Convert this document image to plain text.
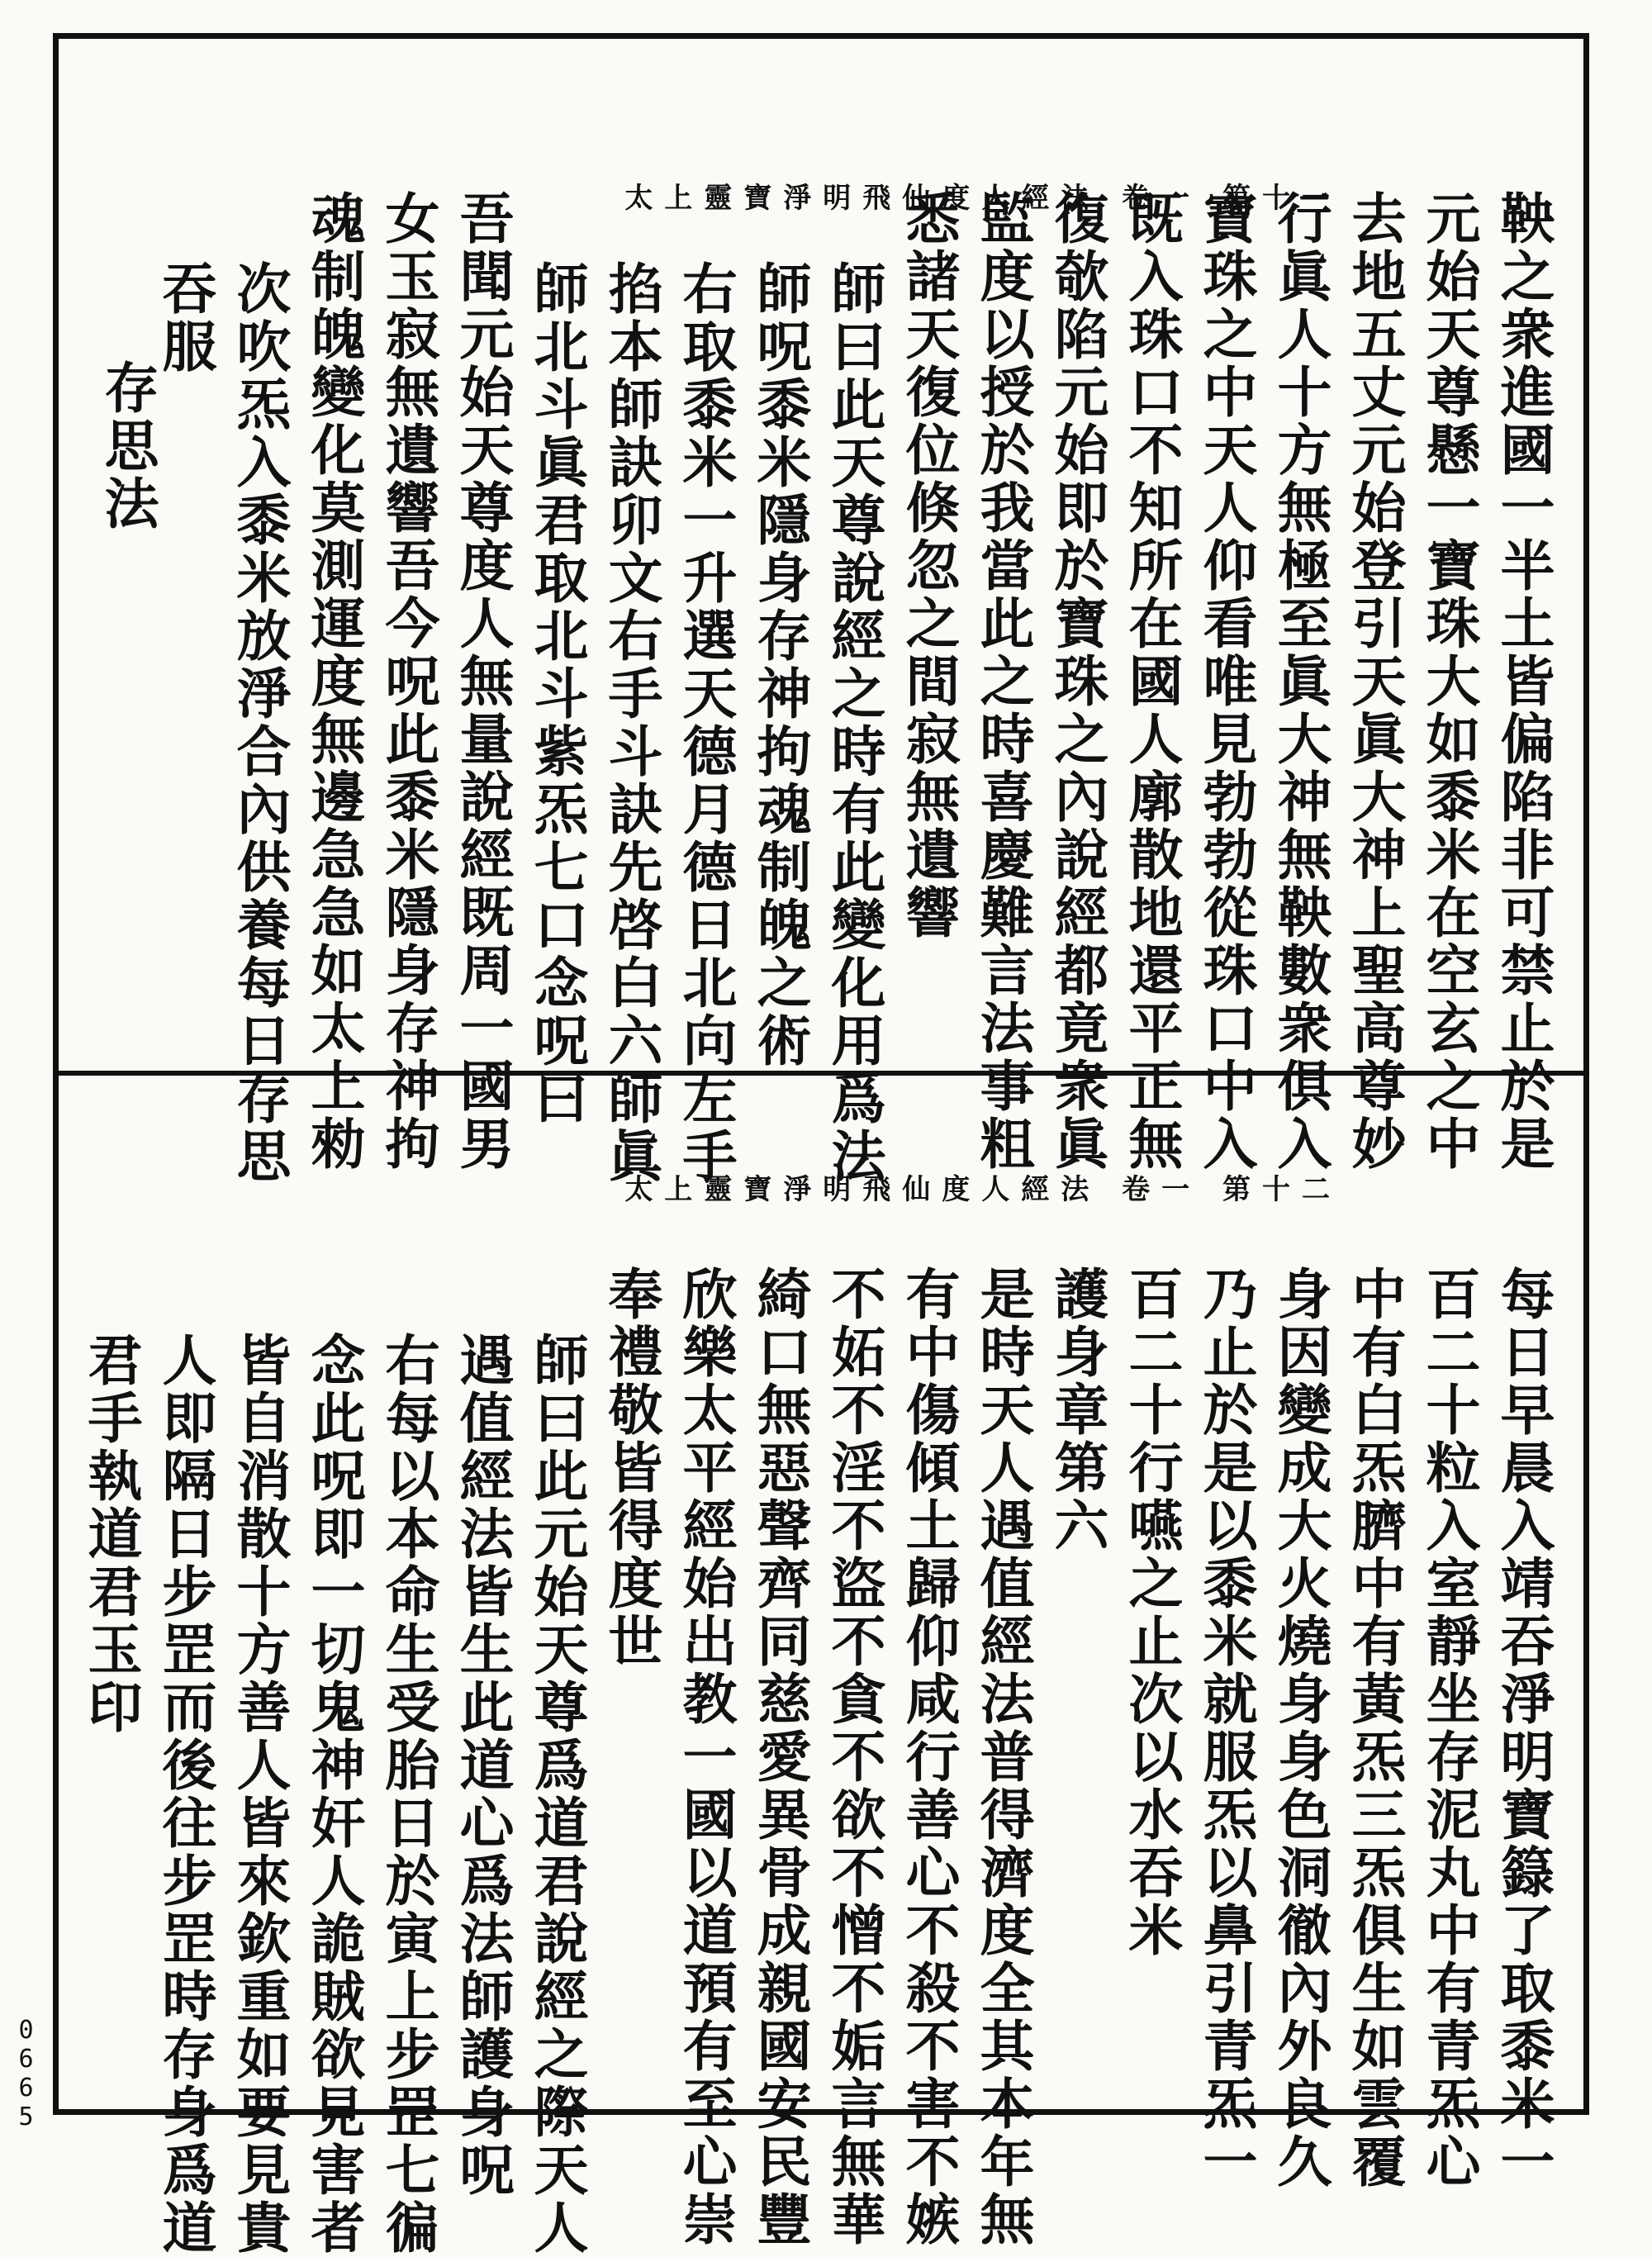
太上靈寶淨明飛仙度人經法 卷一 第十一	鞅之衆進國一半土皆偏陷非可禁止於是
元始天尊懸一寶珠大如黍米在空玄之中
去地五丈元始登引天眞大神上聖高尊妙
行眞人十方無極至眞大神無鞅數衆俱入
寶珠之中天人仰看唯見勃勃從珠口中入
既入珠口不知所在國人廓散地還平正無
復欹陷元始即於寶珠之內說經都竟衆眞
監度以授於我當此之時喜慶難言法事粗
悉諸天復位倏忽之間寂無遺響
師曰此天尊說經之時有此變化用爲法
師呪黍米隱身存神拘魂制魄之術
右取黍米一升選天德月德日北向左手
掐本師訣卯文右手斗訣先啓白六師眞
師北斗眞君取北斗紫炁七口念呪曰
吾聞元始天尊度人無量說經既周一國男
女玉寂無遺響吾今呪此黍米隱身存神拘
魂制魄變化莫測運度無邊急急如太上勑
次吹炁入黍米放淨合內供養每日存思
吞服
存思法
太上靈寶淨明飛仙度人經法 卷一 第十二
每日早晨入靖吞淨明寶籙了取黍米一
百二十粒入室靜坐存泥丸中有青炁心
中有白炁臍中有黃炁三炁俱生如雲覆
身因變成大火燒身身色洞徹內外良久
乃止於是以黍米就服炁以鼻引青炁一
百二十行嚥之止次以水吞米
護身章第六
是時天人遇值經法普得濟度全其本年無
有中傷傾土歸仰咸行善心不殺不害不嫉
不妬不淫不盜不貪不欲不憎不姤言無華
綺口無惡聲齊同慈愛異骨成親國安民豐
欣樂太平經始出教一國以道預有至心崇
奉禮敬皆得度世
師曰此元始天尊爲道君說經之際天人
遇值經法皆生此道心爲法師護身呪
右每以本命生受胎日於寅上步罡七徧
念此呪即一切鬼神奸人詭賊欲見害者
皆自消散十方善人皆來欽重如要見貴
人即隔日步罡而後往步罡時存身爲道
君手執道君玉印
0665
